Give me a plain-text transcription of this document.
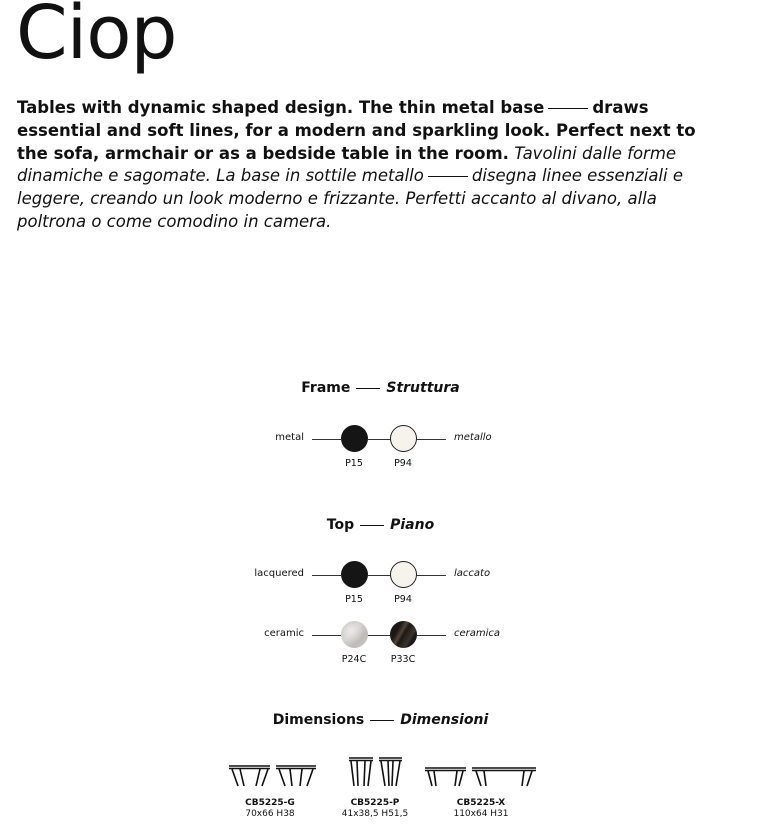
Ciop

Tables with dynamic shaped design. The thin metal base	draws essential and soft lines, for a modern and sparkling look. Perfect next to the sofa, armchair or as a bedside table in the room. Tavolini dalle forme dinamiche e sagomate. La base in sottile metallo	disegna linee essenziali e leggere, creando un look moderno e frizzante. Perfetti accanto al divano, alla poltrona o come comodino in camera.

Frame	Struttura
metal	metallo
P15	P94
Top	Piano
lacquered	laccato
P15	P94
ceramic	ceramica
P24C	P33C
Dimensions	Dimensioni
CB5225-G
70x66 H38
CB5225-P
41x38,5 H51,5
CB5225-X
110x64 H31
